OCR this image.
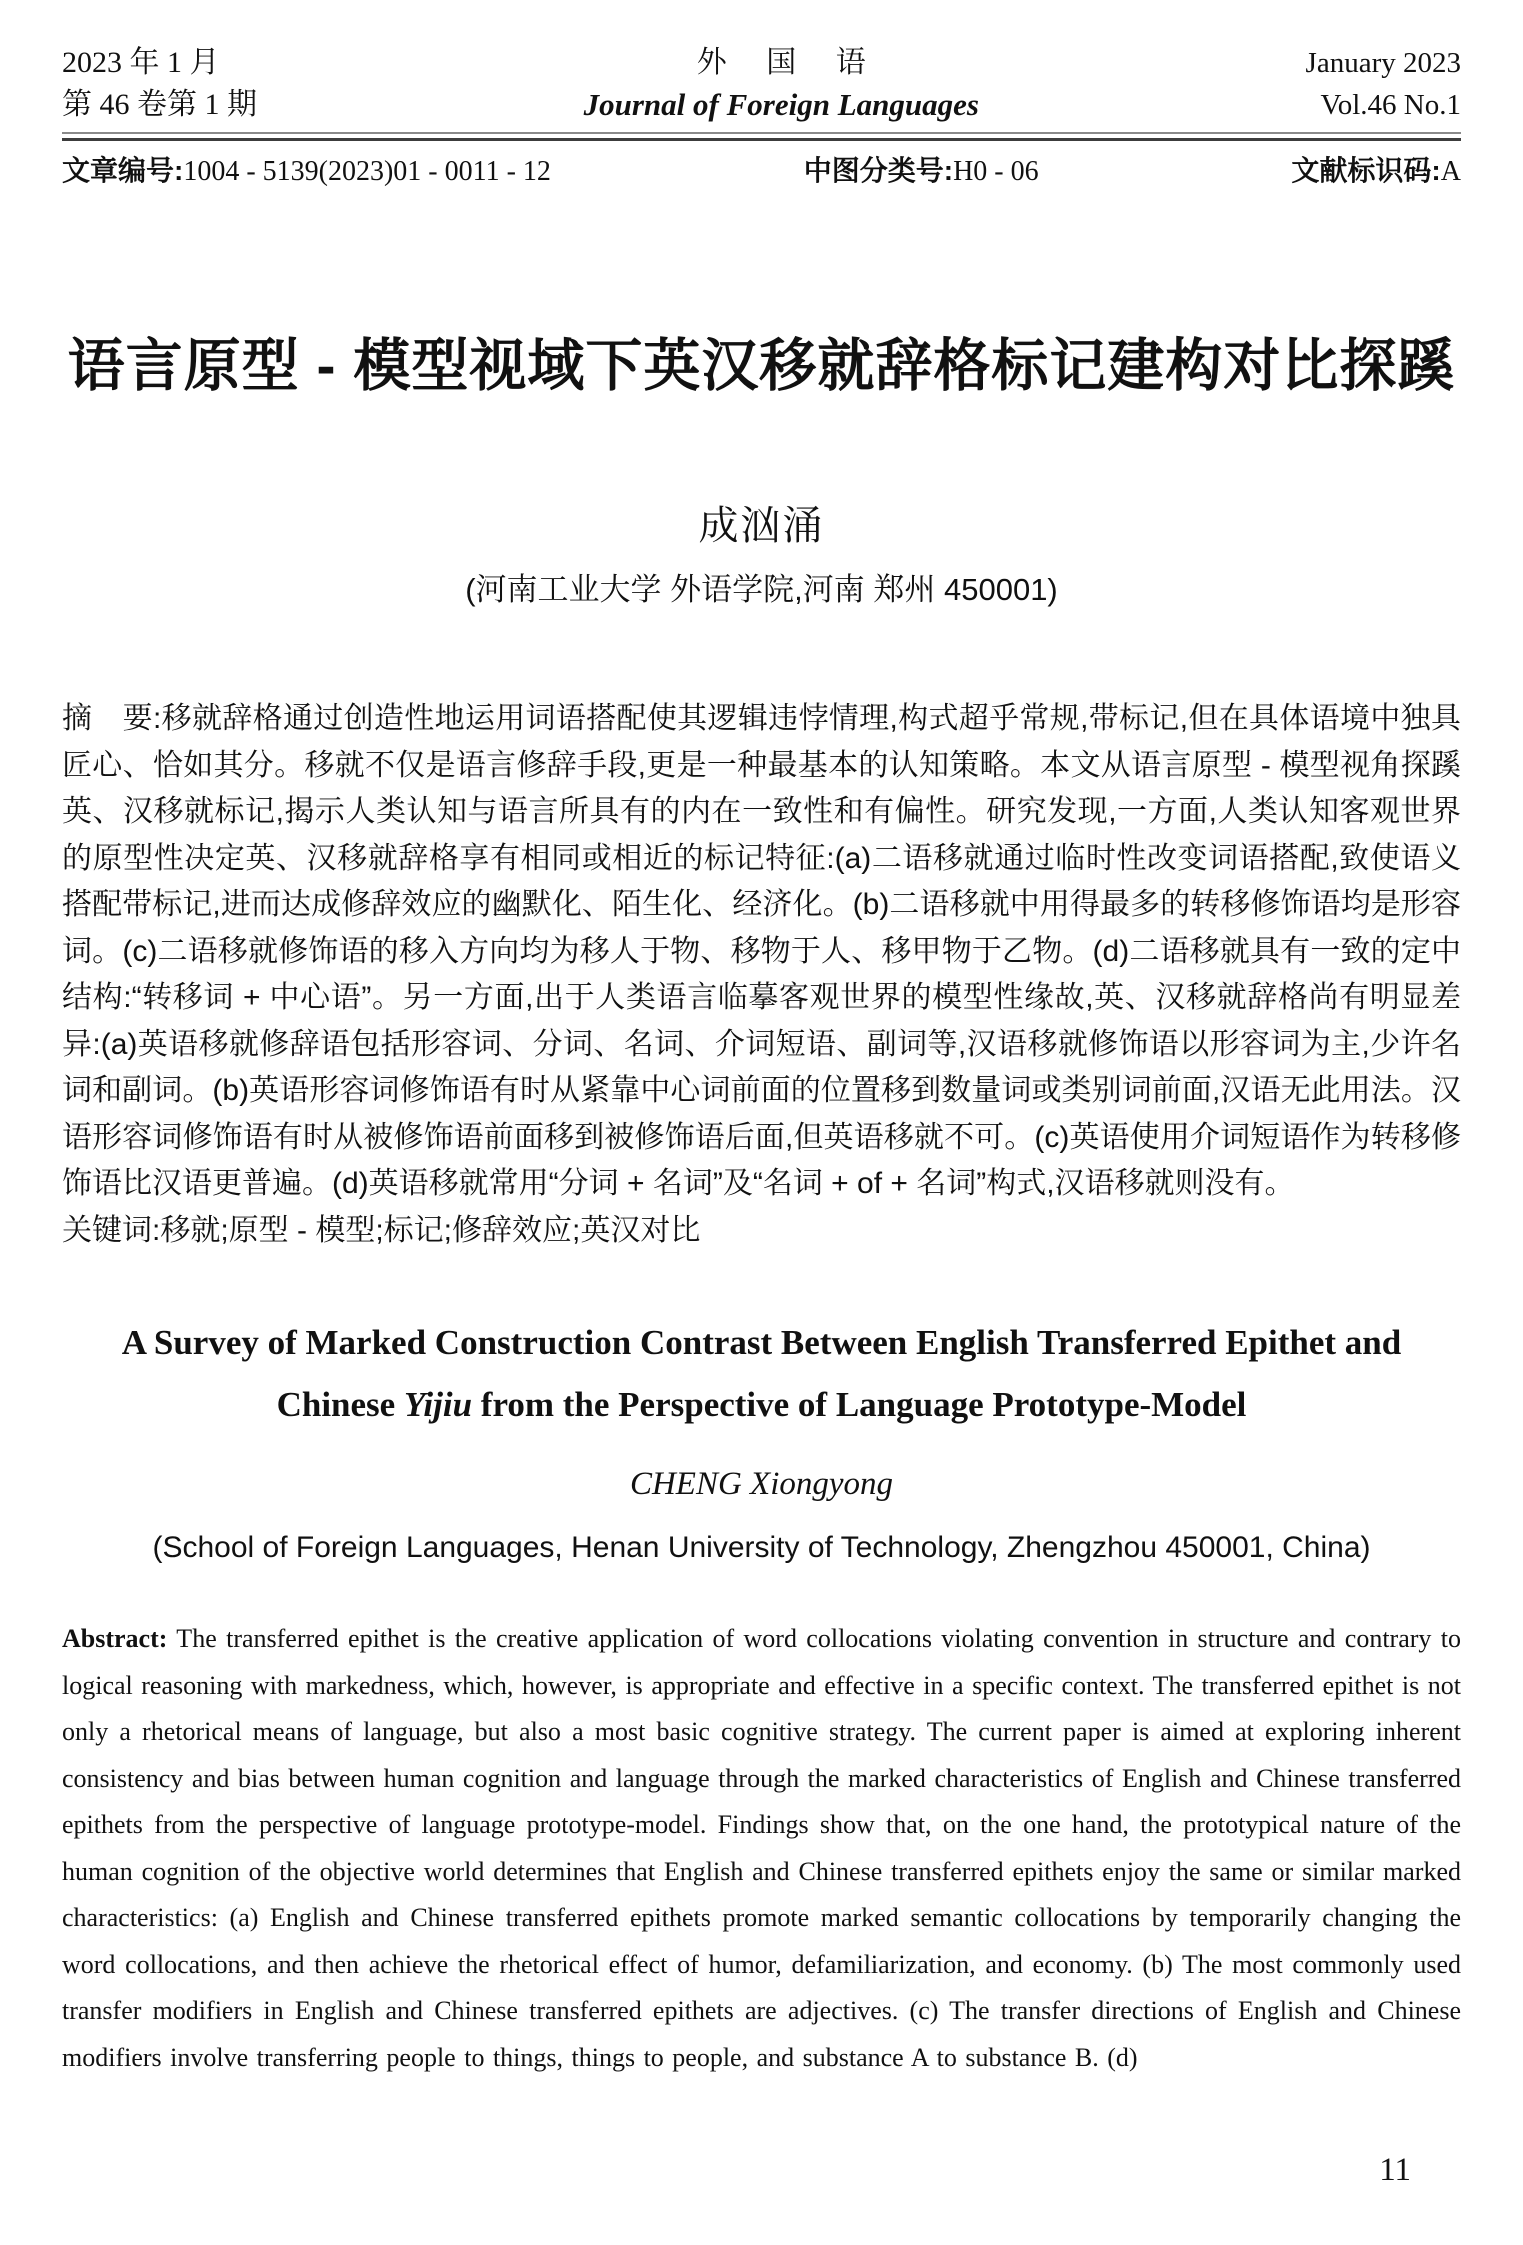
2023 年 1 月
第 46 卷第 1 期
外 国 语
Journal of Foreign Languages
January 2023
Vol.46 No.1
文章编号:1004 - 5139(2023)01 - 0011 - 12	中图分类号:H0 - 06	文献标识码:A
语言原型 - 模型视域下英汉移就辞格标记建构对比探蹊
成汹涌
(河南工业大学 外语学院,河南 郑州 450001)

摘　要:移就辞格通过创造性地运用词语搭配使其逻辑违悖情理,构式超乎常规,带标记,但在具体语境中独具匠心、恰如其分。移就不仅是语言修辞手段,更是一种最基本的认知策略。本文从语言原型 - 模型视角探蹊英、汉移就标记,揭示人类认知与语言所具有的内在一致性和有偏性。研究发现,一方面,人类认知客观世界的原型性决定英、汉移就辞格享有相同或相近的标记特征:(a)二语移就通过临时性改变词语搭配,致使语义搭配带标记,进而达成修辞效应的幽默化、陌生化、经济化。(b)二语移就中用得最多的转移修饰语均是形容词。(c)二语移就修饰语的移入方向均为移人于物、移物于人、移甲物于乙物。(d)二语移就具有一致的定中结构:“转移词 + 中心语”。另一方面,出于人类语言临摹客观世界的模型性缘故,英、汉移就辞格尚有明显差异:(a)英语移就修辞语包括形容词、分词、名词、介词短语、副词等,汉语移就修饰语以形容词为主,少许名词和副词。(b)英语形容词修饰语有时从紧靠中心词前面的位置移到数量词或类别词前面,汉语无此用法。汉语形容词修饰语有时从被修饰语前面移到被修饰语后面,但英语移就不可。(c)英语使用介词短语作为转移修饰语比汉语更普遍。(d)英语移就常用“分词 + 名词”及“名词 + of + 名词”构式,汉语移就则没有。

关键词:移就;原型 - 模型;标记;修辞效应;英汉对比

A Survey of Marked Construction Contrast Between English Transferred Epithet and Chinese Yijiu from the Perspective of Language Prototype-Model
CHENG Xiongyong
(School of Foreign Languages, Henan University of Technology, Zhengzhou 450001, China)

Abstract: The transferred epithet is the creative application of word collocations violating convention in structure and contrary to logical reasoning with markedness, which, however, is appropriate and effective in a specific context. The transferred epithet is not only a rhetorical means of language, but also a most basic cognitive strategy. The current paper is aimed at exploring inherent consistency and bias between human cognition and language through the marked characteristics of English and Chinese transferred epithets from the perspective of language prototype-model. Findings show that, on the one hand, the prototypical nature of the human cognition of the objective world determines that English and Chinese transferred epithets enjoy the same or similar marked characteristics: (a) English and Chinese transferred epithets promote marked semantic collocations by temporarily changing the word collocations, and then achieve the rhetorical effect of humor, defamiliarization, and economy. (b) The most commonly used transfer modifiers in English and Chinese transferred epithets are adjectives. (c) The transfer directions of English and Chinese modifiers involve transferring people to things, things to people, and substance A to substance B. (d)

11
